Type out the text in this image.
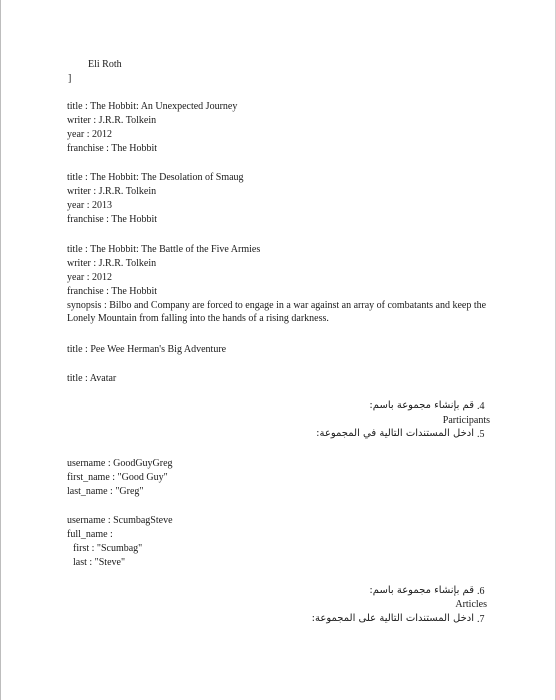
Eli Roth
]
title : The Hobbit: An Unexpected Journey
writer : J.R.R. Tolkein
year : 2012
franchise : The Hobbit
title : The Hobbit: The Desolation of Smaug
writer : J.R.R. Tolkein
year : 2013
franchise : The Hobbit
title : The Hobbit: The Battle of the Five Armies
writer : J.R.R. Tolkein
year : 2012
franchise : The Hobbit
synopsis : Bilbo and Company are forced to engage in a war against an array of combatants and keep the Lonely Mountain from falling into the hands of a rising darkness.
title : Pee Wee Herman's Big Adventure
title : Avatar
قم بإنشاء مجموعة باسم: .4
Participants
ادخل المستندات التالية في المجموعة: .5
username : GoodGuyGreg
first_name : "Good Guy"
last_name : "Greg"
username : ScumbagSteve
full_name :
first : "Scumbag"
last : "Steve"
قم بإنشاء مجموعة باسم: .6
Articles
ادخل المستندات التالية على المجموعة: .7
